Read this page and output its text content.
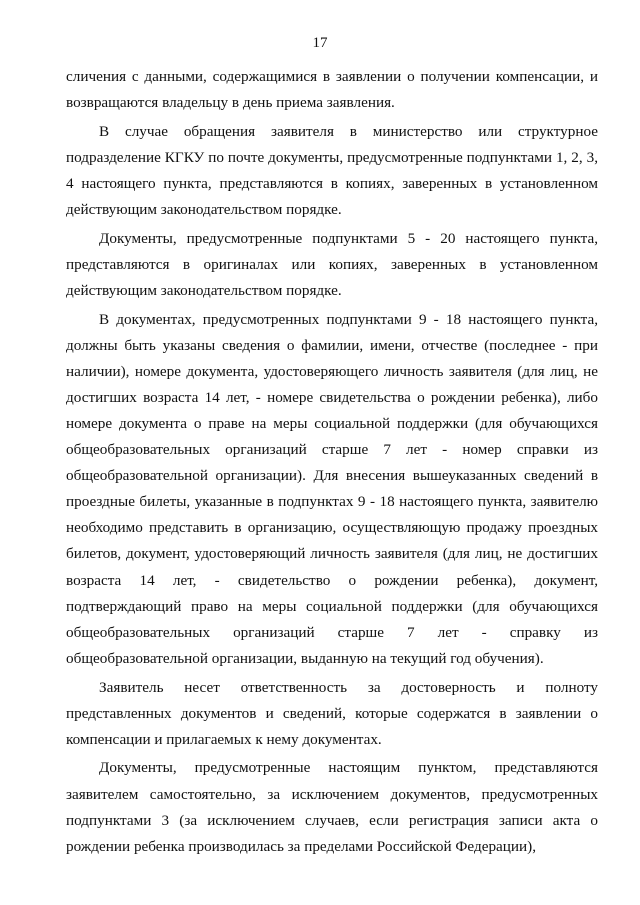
17

сличения с данными, содержащимися в заявлении о получении компенсации, и возвращаются владельцу в день приема заявления.

В случае обращения заявителя в министерство или структурное подразделение КГКУ по почте документы, предусмотренные подпунктами 1, 2, 3, 4 настоящего пункта, представляются в копиях, заверенных в установленном действующим законодательством порядке.

Документы, предусмотренные подпунктами 5 - 20 настоящего пункта, представляются в оригиналах или копиях, заверенных в установленном действующим законодательством порядке.

В документах, предусмотренных подпунктами 9 - 18 настоящего пункта, должны быть указаны сведения о фамилии, имени, отчестве (последнее - при наличии), номере документа, удостоверяющего личность заявителя (для лиц, не достигших возраста 14 лет, - номере свидетельства о рождении ребенка), либо номере документа о праве на меры социальной поддержки (для обучающихся общеобразовательных организаций старше 7 лет - номер справки из общеобразовательной организации). Для внесения вышеуказанных сведений в проездные билеты, указанные в подпунктах 9 - 18 настоящего пункта, заявителю необходимо представить в организацию, осуществляющую продажу проездных билетов, документ, удостоверяющий личность заявителя (для лиц, не достигших возраста 14 лет, - свидетельство о рождении ребенка), документ, подтверждающий право на меры социальной поддержки (для обучающихся общеобразовательных организаций старше 7 лет - справку из общеобразовательной организации, выданную на текущий год обучения).

Заявитель несет ответственность за достоверность и полноту представленных документов и сведений, которые содержатся в заявлении о компенсации и прилагаемых к нему документах.

Документы, предусмотренные настоящим пунктом, представляются заявителем самостоятельно, за исключением документов, предусмотренных подпунктами 3 (за исключением случаев, если регистрация записи акта о рождении ребенка производилась за пределами Российской Федерации),
